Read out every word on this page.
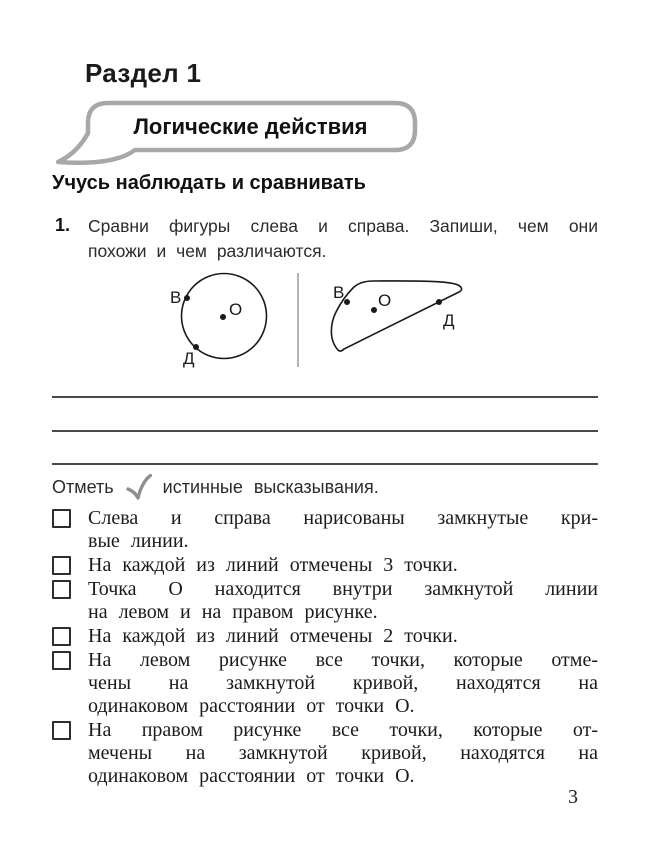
Раздел 1
Логические действия
Учусь наблюдать и сравнивать
1. Сравни фигуры слева и справа. Запиши, чем они
похожи и чем различаются.
В
О
Д
В О
Д
Отметь	истинные высказывания.
Слева и справа нарисованы замкнутые кри-
вые линии.
На каждой из линий отмечены 3 точки.
Точка О находится внутри замкнутой линии
на левом и на правом рисунке.
На каждой из линий отмечены 2 точки.
На левом рисунке все точки, которые отме-
чены на замкнутой кривой, находятся на
одинаковом расстоянии от точки О.
На правом рисунке все точки, которые от-
мечены на замкнутой кривой, находятся на
одинаковом расстоянии от точки О.
3
